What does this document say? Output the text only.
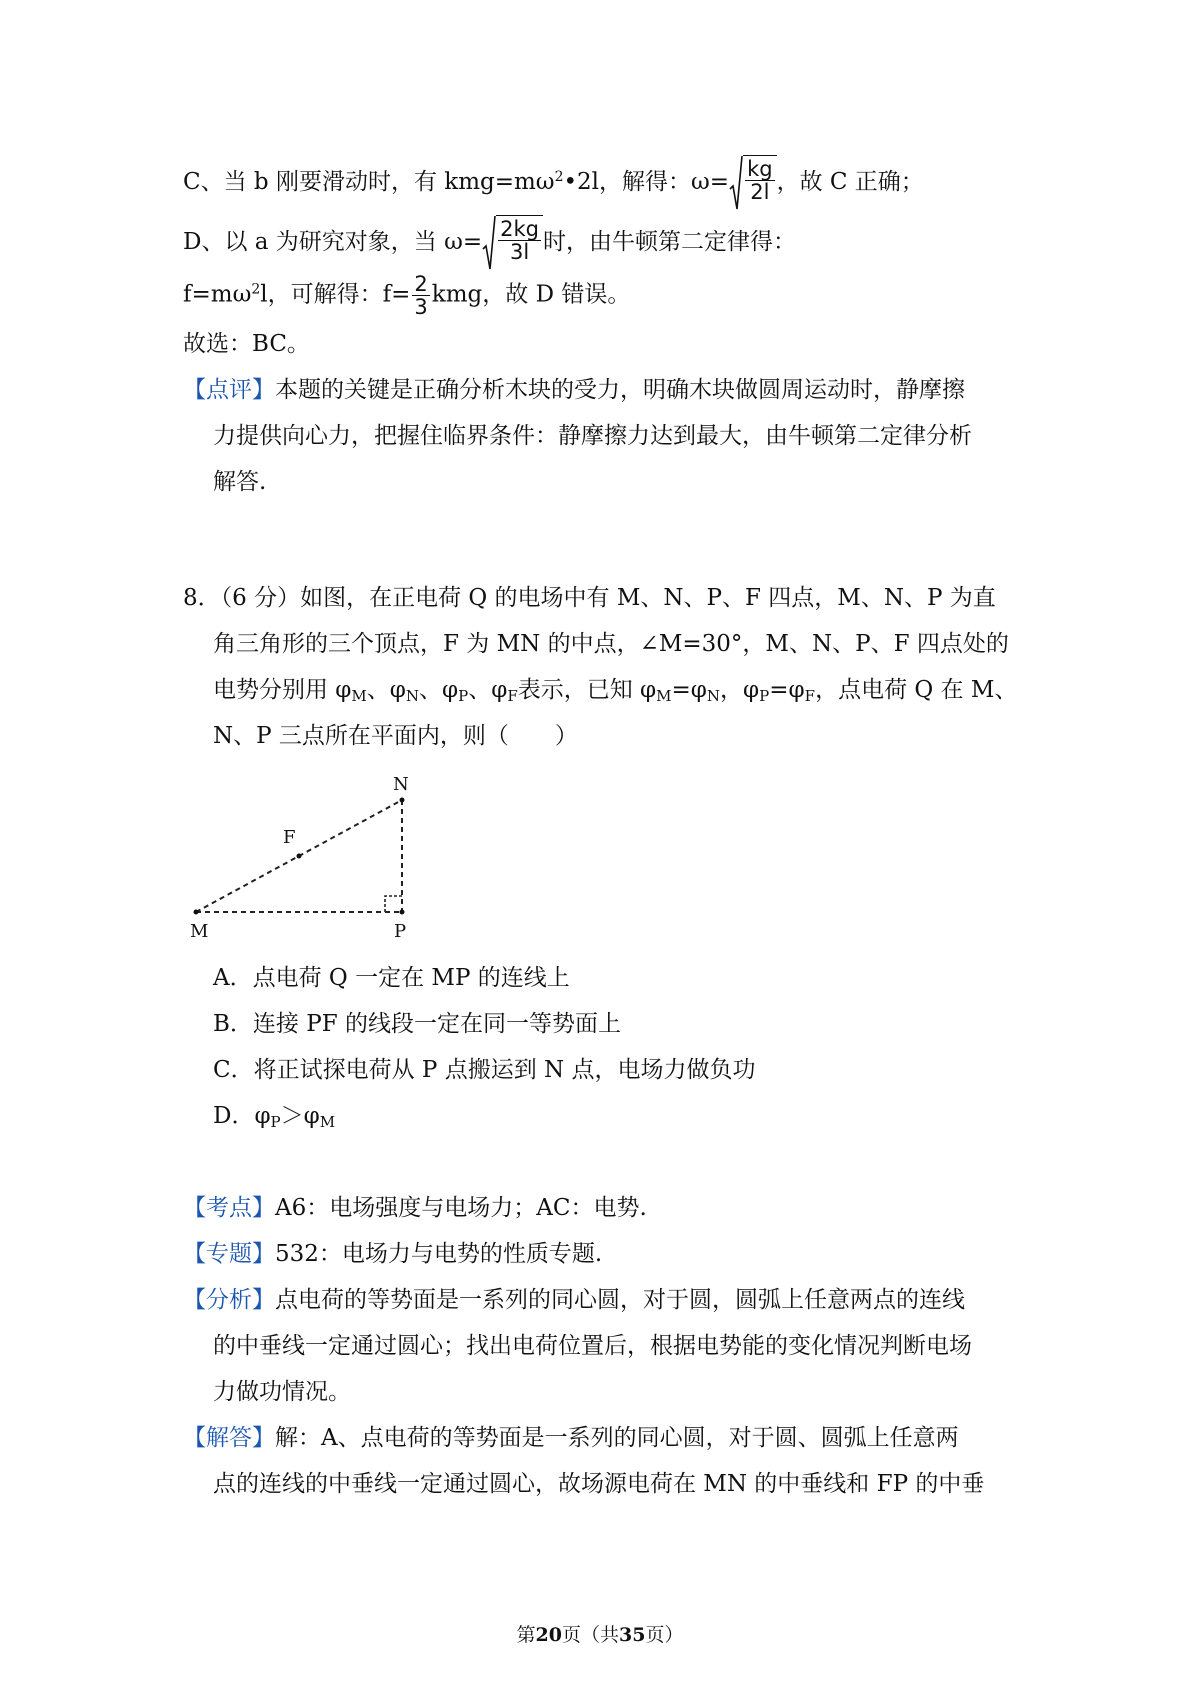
C、当 b 刚要滑动时，有 $kmg=m\omega^2•2l$，解得：$\omega= \frac{kg}{2l}$ ，故 C 正确；
D、以 a 为研究对象，当 $\omega= \frac{2kg}{3l}$ 时，由牛顿第二定律得：
$f=m\omega^2l$，可解得：$f= \frac{2}{3}$ kmg，故 D 错误。
故选：BC。
【点评】本题的关键是正确分析木块的受力，明确木块做圆周运动时，静摩擦
力提供向心力，把握住临界条件：静摩擦力达到最大，由牛顿第二定律分析
解答.
8．（6 分）如图，在正电荷 Q 的电场中有 M、N、P、F 四点，M、N、P 为直
角三角形的三个顶点，F 为 MN 的中点，∠M=30°，M、N、P、F 四点处的
电势分别用 $\varphi_M$、$\varphi_N$、$\varphi_P$、$\varphi_F$表示，已知 $\varphi_M=\varphi_N$，$\varphi_P=\varphi_F$，点电荷 Q 在 M、
N、P 三点所在平面内，则（　　）
N
F
M	P
A．点电荷 Q 一定在 MP 的连线上
B．连接 PF 的线段一定在同一等势面上
C．将正试探电荷从 P 点搬运到 N 点，电场力做负功
D．$\varphi_P>\varphi_M$
【考点】A6：电场强度与电场力；AC：电势.
【专题】532：电场力与电势的性质专题.
【分析】点电荷的等势面是一系列的同心圆，对于圆，圆弧上任意两点的连线
的中垂线一定通过圆心；找出电荷位置后，根据电势能的变化情况判断电场
力做功情况。
【解答】解：A、点电荷的等势面是一系列的同心圆，对于圆、圆弧上任意两
点的连线的中垂线一定通过圆心，故场源电荷在 MN 的中垂线和 FP 的中垂
第20页（共35页）
